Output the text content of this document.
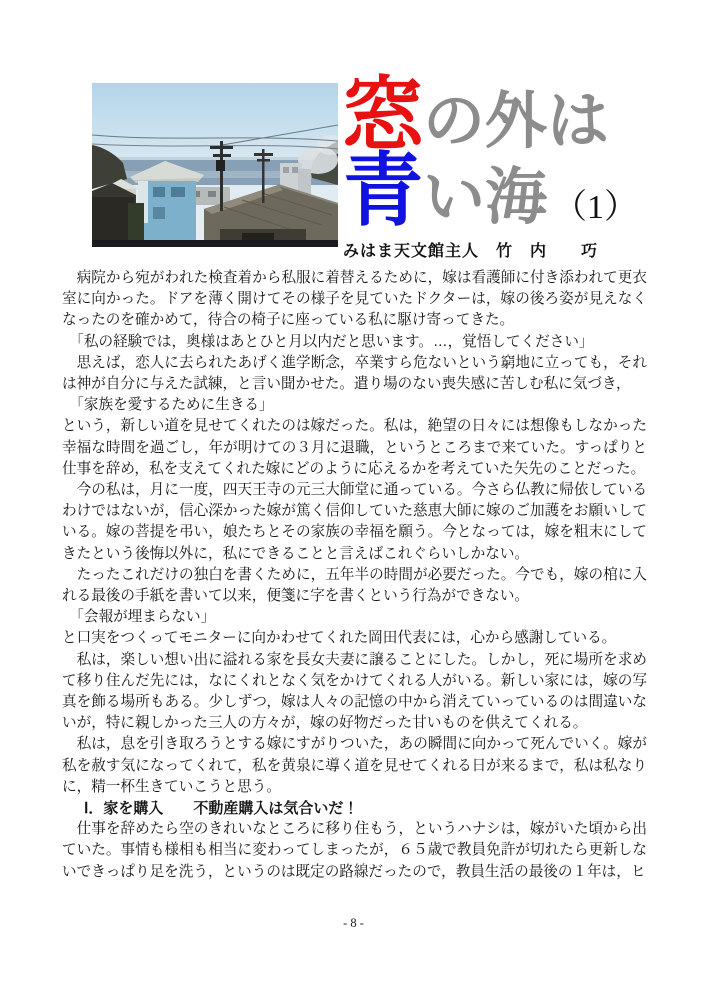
窓の外は
青い海 （1）
みはま天文館主人　竹　内　　巧

　病院から宛がわれた検査着から私服に着替えるために，嫁は看護師に付き添われて更衣室に向かった。ドアを薄く開けてその様子を見ていたドクターは，嫁の後ろ姿が見えなくなったのを確かめて，待合の椅子に座っている私に駆け寄ってきた。

　「私の経験では，奥様はあとひと月以内だと思います。…，覚悟してください」

　思えば，恋人に去られたあげく進学断念，卒業すら危ないという窮地に立っても，それは神が自分に与えた試練，と言い聞かせた。遣り場のない喪失感に苦しむ私に気づき，

　「家族を愛するために生きる」

という，新しい道を見せてくれたのは嫁だった。私は，絶望の日々には想像もしなかった幸福な時間を過ごし，年が明けての３月に退職，というところまで来ていた。すっぱりと仕事を辞め，私を支えてくれた嫁にどのように応えるかを考えていた矢先のことだった。

　今の私は，月に一度，四天王寺の元三大師堂に通っている。今さら仏教に帰依しているわけではないが，信心深かった嫁が篤く信仰していた慈恵大師に嫁のご加護をお願いしている。嫁の菩提を弔い，娘たちとその家族の幸福を願う。今となっては，嫁を粗末にしてきたという後悔以外に，私にできることと言えばこれぐらいしかない。

　たったこれだけの独白を書くために，五年半の時間が必要だった。今でも，嫁の棺に入れる最後の手紙を書いて以来，便箋に字を書くという行為ができない。

　「会報が埋まらない」

と口実をつくってモニターに向かわせてくれた岡田代表には，心から感謝している。

　私は，楽しい想い出に溢れる家を長女夫妻に譲ることにした。しかし，死に場所を求めて移り住んだ先には，なにくれとなく気をかけてくれる人がいる。新しい家には，嫁の写真を飾る場所もある。少しずつ，嫁は人々の記憶の中から消えていっているのは間違いないが，特に親しかった三人の方々が，嫁の好物だった甘いものを供えてくれる。

　私は，息を引き取ろうとする嫁にすがりついた，あの瞬間に向かって死んでいく。嫁が私を赦す気になってくれて，私を黄泉に導く道を見せてくれる日が来るまで，私は私なりに，精一杯生きていこうと思う。

Ⅰ．家を購入　　不動産購入は気合いだ！

　仕事を辞めたら空のきれいなところに移り住もう，というハナシは，嫁がいた頃から出ていた。事情も様相も相当に変わってしまったが，６５歳で教員免許が切れたら更新しないできっぱり足を洗う，というのは既定の路線だったので，教員生活の最後の１年は，ヒ

- 8 -
